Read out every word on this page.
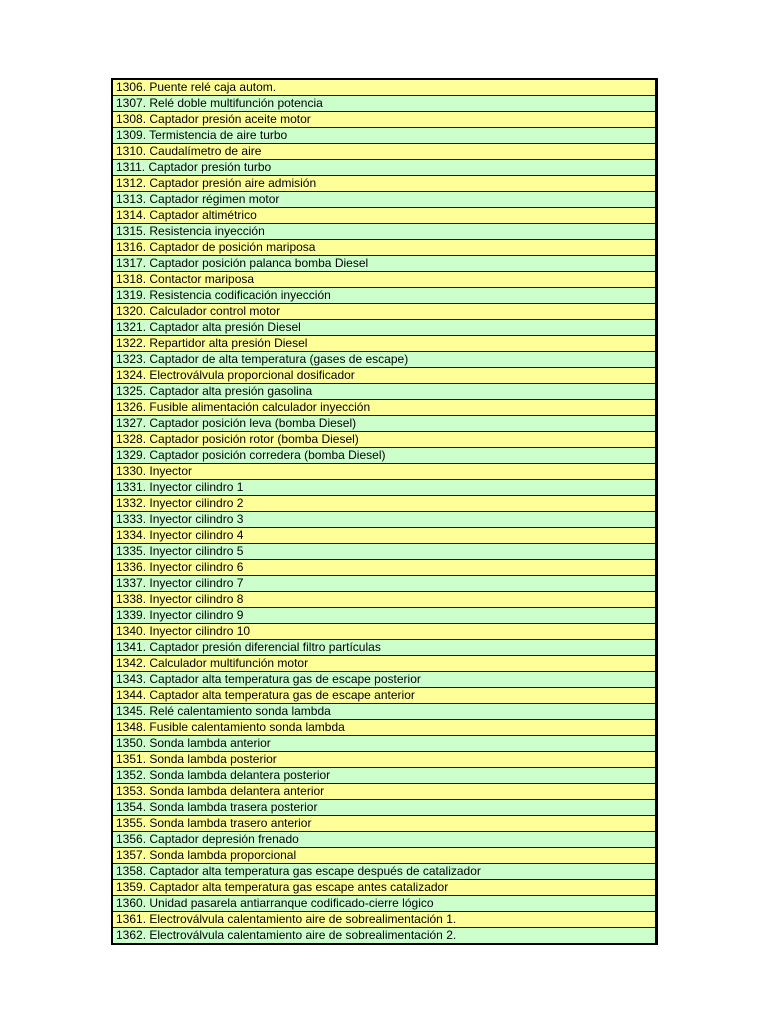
1306. Puente relé caja autom.
1307. Relé doble multifunción potencia
1308. Captador presión aceite motor
1309. Termistencia de aire turbo
1310. Caudalímetro de aire
1311. Captador presión turbo
1312. Captador presión aire admisión
1313. Captador régimen motor
1314. Captador altimétrico
1315. Resistencia inyección
1316. Captador de posición mariposa
1317. Captador posición palanca bomba Diesel
1318. Contactor mariposa
1319. Resistencia codificación inyección
1320. Calculador control motor
1321. Captador alta presión Diesel
1322. Repartidor alta presión Diesel
1323. Captador de alta temperatura (gases de escape)
1324. Electroválvula proporcional dosificador
1325. Captador alta presión gasolina
1326. Fusible alimentación calculador inyección
1327. Captador posición leva (bomba Diesel)
1328. Captador posición rotor (bomba Diesel)
1329. Captador posición corredera (bomba Diesel)
1330. Inyector
1331. Inyector cilindro 1
1332. Inyector cilindro 2
1333. Inyector cilindro 3
1334. Inyector cilindro 4
1335. Inyector cilindro 5
1336. Inyector cilindro 6
1337. Inyector cilindro 7
1338. Inyector cilindro 8
1339. Inyector cilindro 9
1340. Inyector cilindro 10
1341. Captador presión diferencial filtro partículas
1342. Calculador multifunción motor
1343. Captador alta temperatura gas de escape posterior
1344. Captador alta temperatura gas de escape anterior
1345. Relé calentamiento sonda lambda
1348. Fusible calentamiento sonda lambda
1350. Sonda lambda anterior
1351. Sonda lambda posterior
1352. Sonda lambda delantera posterior
1353. Sonda lambda delantera anterior
1354. Sonda lambda trasera posterior
1355. Sonda lambda trasero anterior
1356. Captador depresión frenado
1357. Sonda lambda proporcional
1358. Captador alta temperatura gas escape después de catalizador
1359. Captador alta temperatura gas escape antes catalizador
1360. Unidad pasarela antiarranque codificado-cierre lógico
1361. Electroválvula calentamiento aire de sobrealimentación 1.
1362. Electroválvula calentamiento aire de sobrealimentación 2.
